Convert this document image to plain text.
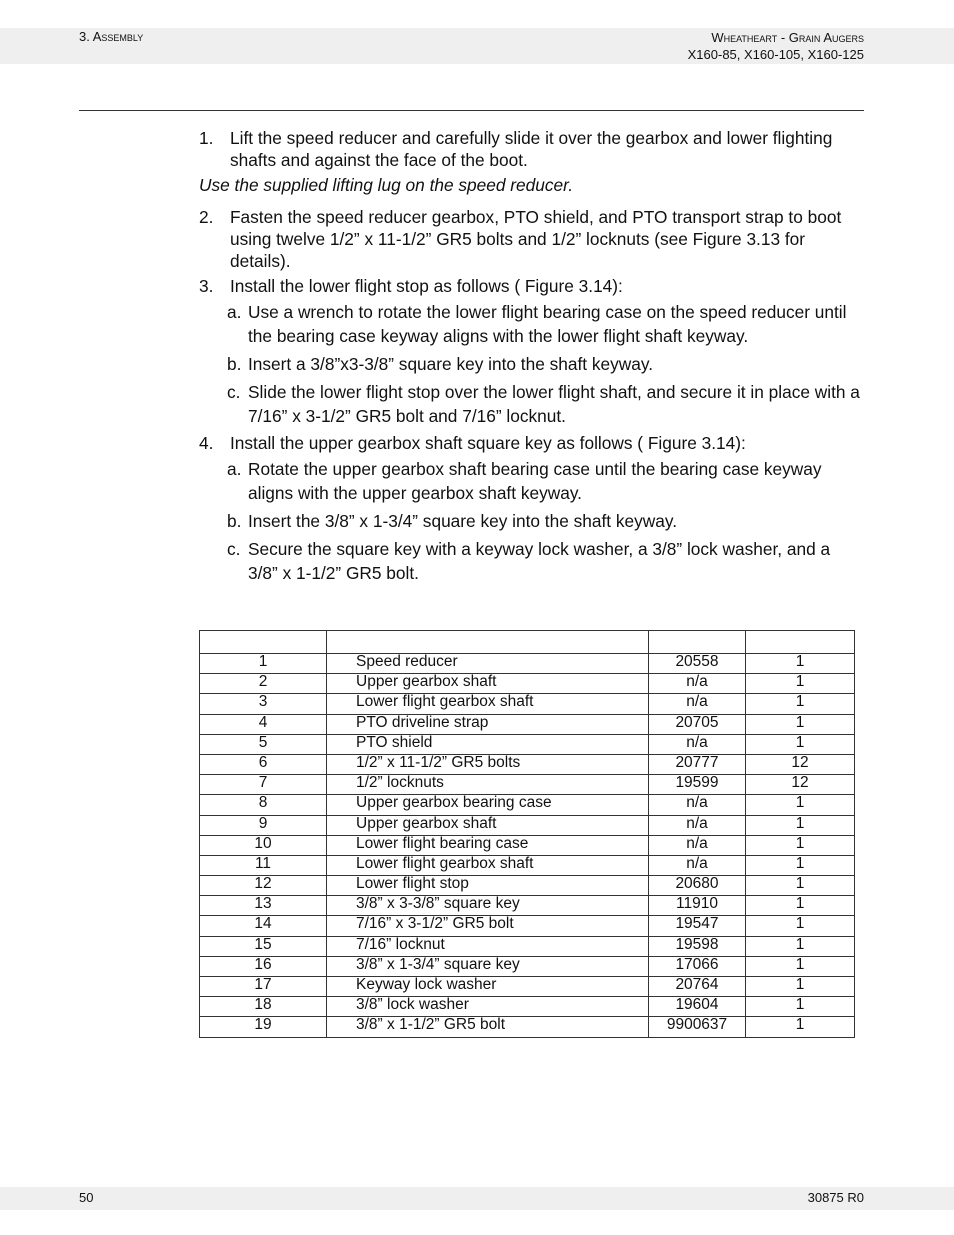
3. Assembly	Wheatheart - Grain Augers
X160-85, X160-105, X160-125
1. Lift the speed reducer and carefully slide it over the gearbox and lower flighting shafts and against the face of the boot.
Use the supplied lifting lug on the speed reducer.
2. Fasten the speed reducer gearbox, PTO shield, and PTO transport strap to boot using twelve 1/2” x 11-1/2” GR5 bolts and 1/2” locknuts (see Figure 3.13 for details).
3. Install the lower flight stop as follows ( Figure 3.14):
a. Use a wrench to rotate the lower flight bearing case on the speed reducer until the bearing case keyway aligns with the lower flight shaft keyway.
b. Insert a 3/8”x3-3/8” square key into the shaft keyway.
c. Slide the lower flight stop over the lower flight shaft, and secure it in place with a 7/16” x 3-1/2” GR5 bolt and 7/16” locknut.
4. Install the upper gearbox shaft square key as follows ( Figure 3.14):
a. Rotate the upper gearbox shaft bearing case until the bearing case keyway aligns with the upper gearbox shaft keyway.
b. Insert the 3/8” x 1-3/4” square key into the shaft keyway.
c. Secure the square key with a keyway lock washer, a 3/8” lock washer, and a 3/8” x 1-1/2” GR5 bolt.

1	Speed reducer	20558	1
2	Upper gearbox shaft	n/a	1
3	Lower flight gearbox shaft	n/a	1
4	PTO driveline strap	20705	1
5	PTO shield	n/a	1
6	1/2” x 11-1/2” GR5 bolts	20777	12
7	1/2” locknuts	19599	12
8	Upper gearbox bearing case	n/a	1
9	Upper gearbox shaft	n/a	1
10	Lower flight bearing case	n/a	1
11	Lower flight gearbox shaft	n/a	1
12	Lower flight stop	20680	1
13	3/8” x 3-3/8” square key	11910	1
14	7/16” x 3-1/2” GR5 bolt	19547	1
15	7/16” locknut	19598	1
16	3/8” x 1-3/4” square key	17066	1
17	Keyway lock washer	20764	1
18	3/8” lock washer	19604	1
19	3/8” x 1-1/2” GR5 bolt	9900637	1
50	30875 R0
